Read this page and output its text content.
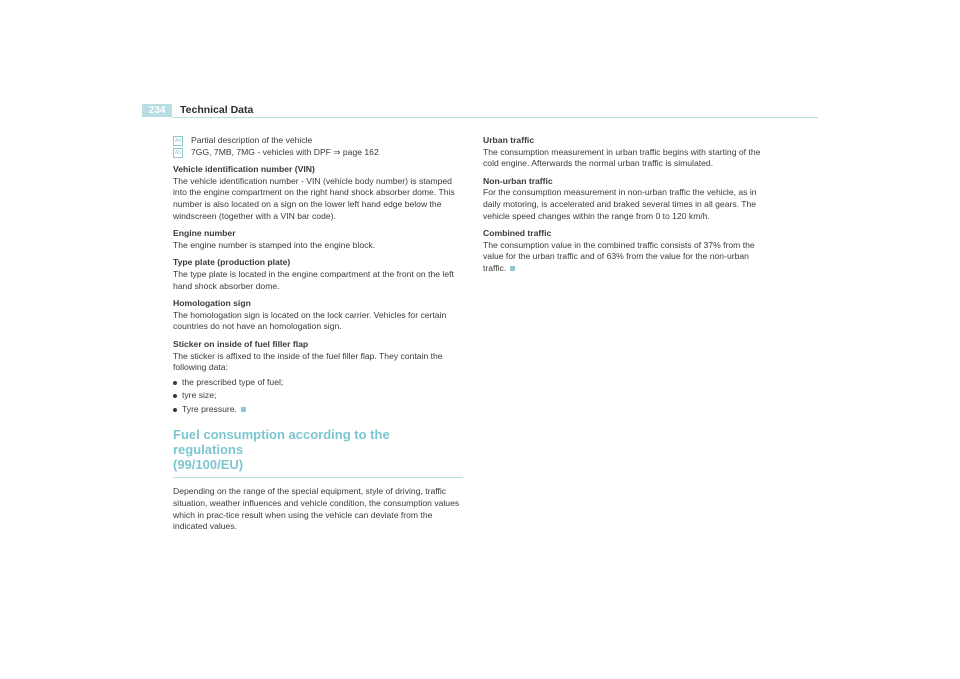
234	Technical Data
A4 Partial description of the vehicle
A5 7GG, 7MB, 7MG - vehicles with DPF ⇒ page 162

Vehicle identification number (VIN)

The vehicle identification number - VIN (vehicle body number) is stamped into the engine compartment on the right hand shock absorber dome. This number is also located on a sign on the lower left hand edge below the windscreen (together with a VIN bar code).

Engine number

The engine number is stamped into the engine block.

Type plate (production plate)

The type plate is located in the engine compartment at the front on the left hand shock absorber dome.

Homologation sign

The homologation sign is located on the lock carrier. Vehicles for certain countries do not have an homologation sign.

Sticker on inside of fuel filler flap

The sticker is affixed to the inside of the fuel filler flap. They contain the following data:

the prescribed type of fuel;
tyre size;
Tyre pressure.
Fuel consumption according to the regulations
(99/100/EU)

Depending on the range of the special equipment, style of driving, traffic situation, weather influences and vehicle condition, the consumption values which in prac-tice result when using the vehicle can deviate from the indicated values.

Urban traffic

The consumption measurement in urban traffic begins with starting of the cold engine. Afterwards the normal urban traffic is simulated.

Non-urban traffic

For the consumption measurement in non-urban traffic the vehicle, as in daily motoring, is accelerated and braked several times in all gears. The vehicle speed changes within the range from 0 to 120 km/h.

Combined traffic

The consumption value in the combined traffic consists of 37% from the value for the urban traffic and of 63% from the value for the non-urban traffic.
